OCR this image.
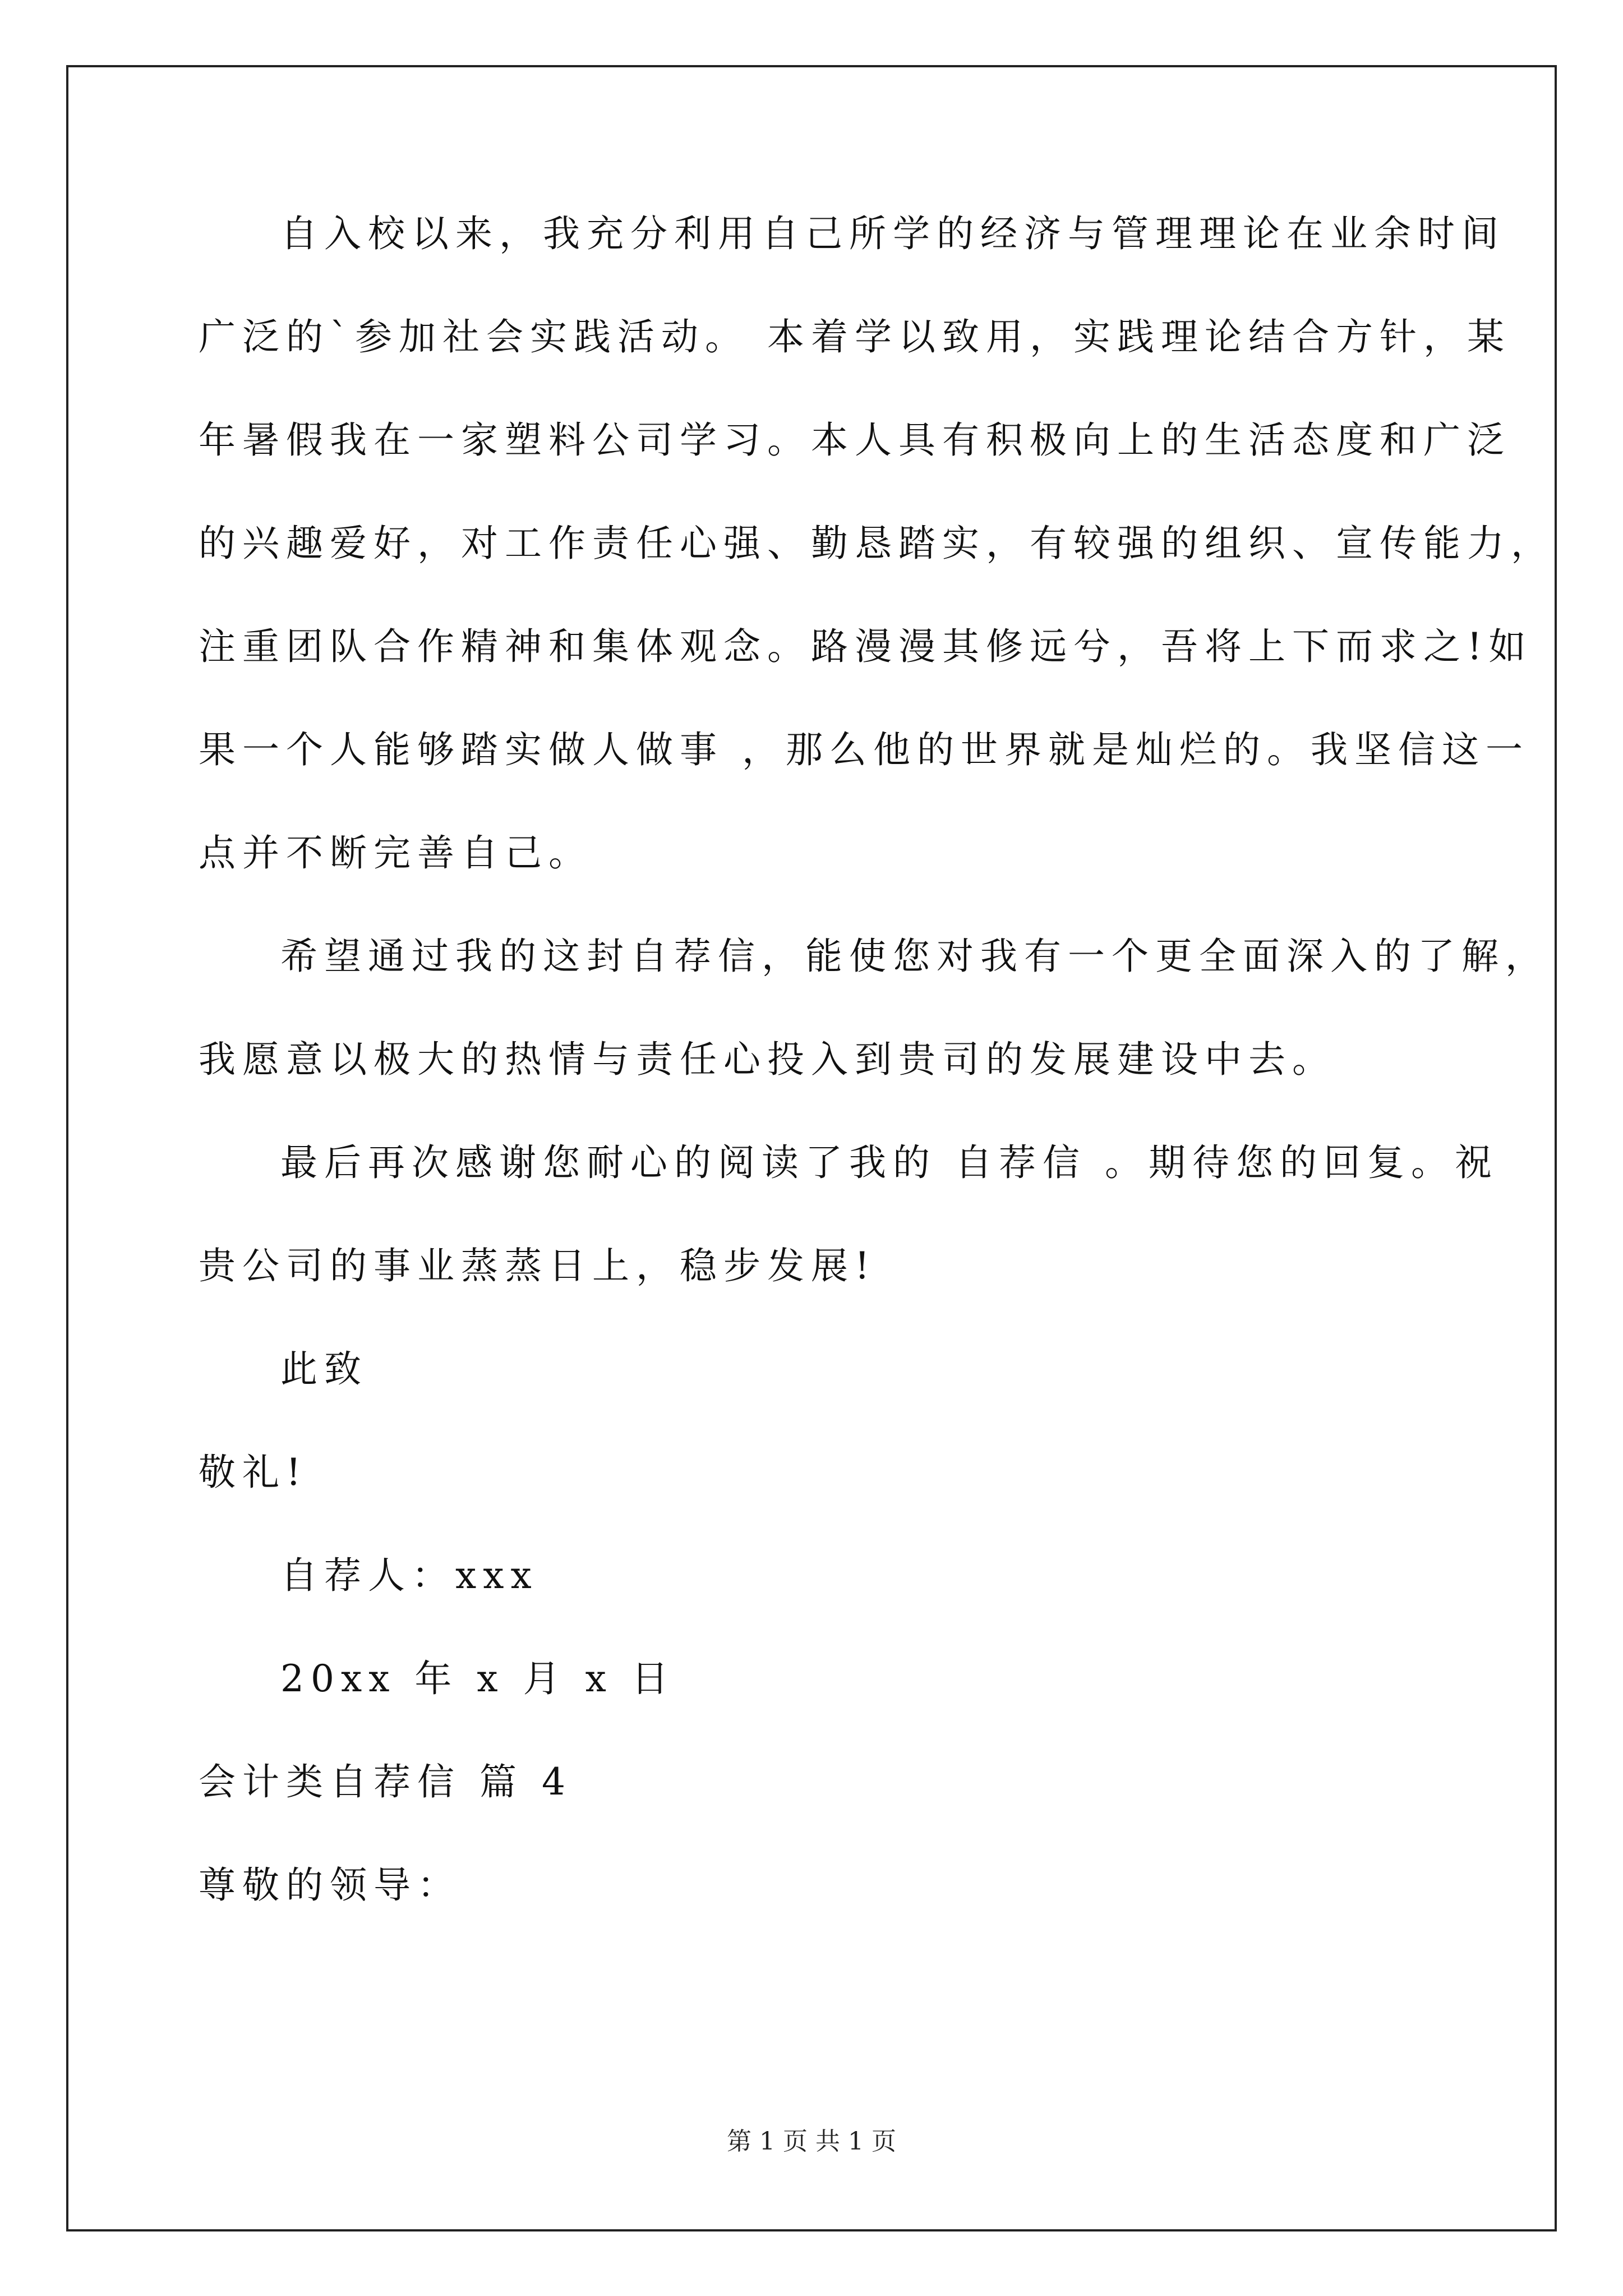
自入校以来，我充分利用自己所学的经济与管理理论在业余时间
广泛的`参加社会实践活动。 本着学以致用，实践理论结合方针，某
年暑假我在一家塑料公司学习。本人具有积极向上的生活态度和广泛
的兴趣爱好，对工作责任心强、勤恳踏实，有较强的组织、宣传能力，
注重团队合作精神和集体观念。路漫漫其修远兮，吾将上下而求之!如
果一个人能够踏实做人做事 ，那么他的世界就是灿烂的。我坚信这一
点并不断完善自己。
希望通过我的这封自荐信，能使您对我有一个更全面深入的了解，
我愿意以极大的热情与责任心投入到贵司的发展建设中去。
最后再次感谢您耐心的阅读了我的 自荐信 。期待您的回复。祝
贵公司的事业蒸蒸日上，稳步发展!
此致
敬礼!
自荐人：xxx
20xx 年 x 月 x 日
会计类自荐信 篇 4
尊敬的领导：
第 1 页 共 1 页
